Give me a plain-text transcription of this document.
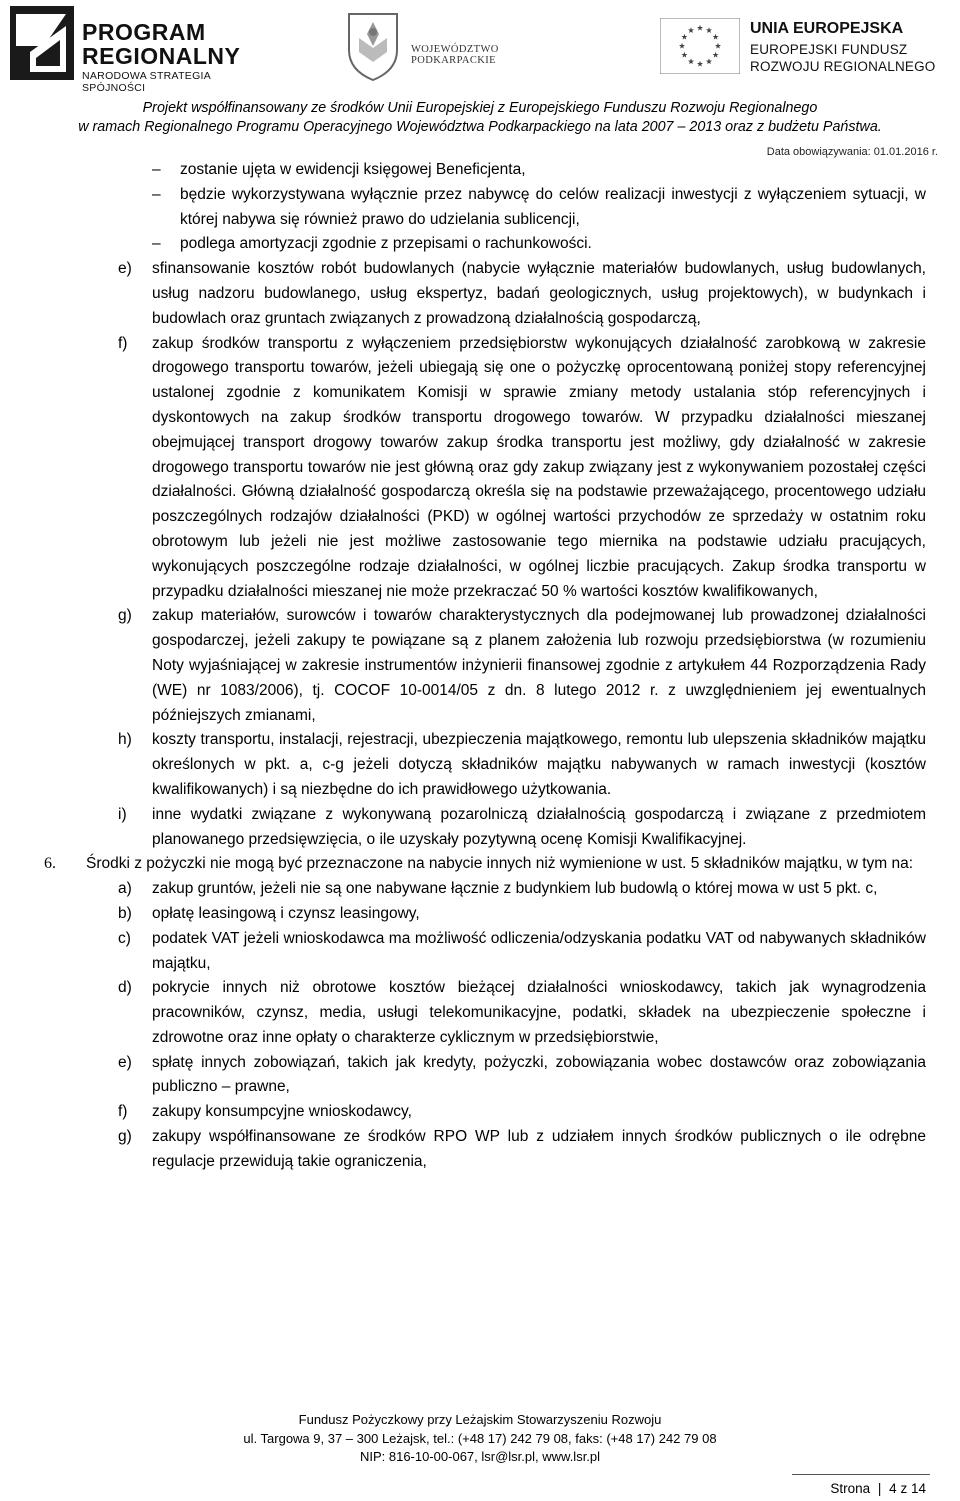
PROGRAM
REGIONALNY
NARODOWA STRATEGIA SPÓJNOŚCI
WOJEWÓDZTWO PODKARPACKIE
UNIA EUROPEJSKA
EUROPEJSKI FUNDUSZ
ROZWOJU REGIONALNEGO
Projekt współfinansowany ze środków Unii Europejskiej z Europejskiego Funduszu Rozwoju Regionalnego
w ramach Regionalnego Programu Operacyjnego Województwa Podkarpackiego na lata 2007 – 2013 oraz z budżetu Państwa.
Data obowiązywania: 01.01.2016 r.
– zostanie ujęta w ewidencji księgowej Beneficjenta,
– będzie wykorzystywana wyłącznie przez nabywcę do celów realizacji inwestycji z wyłączeniem sytuacji, w której nabywa się również prawo do udzielania sublicencji,
– podlega amortyzacji zgodnie z przepisami o rachunkowości.
e) sfinansowanie kosztów robót budowlanych (nabycie wyłącznie materiałów budowlanych, usług budowlanych, usług nadzoru budowlanego, usług ekspertyz, badań geologicznych, usług projektowych), w budynkach i budowlach oraz gruntach związanych z prowadzoną działalnością gospodarczą,
f) zakup środków transportu z wyłączeniem przedsiębiorstw wykonujących działalność zarobkową w zakresie drogowego transportu towarów, jeżeli ubiegają się one o pożyczkę oprocentowaną poniżej stopy referencyjnej ustalonej zgodnie z komunikatem Komisji w sprawie zmiany metody ustalania stóp referencyjnych i dyskontowych na zakup środków transportu drogowego towarów. W przypadku działalności mieszanej obejmującej transport drogowy towarów zakup środka transportu jest możliwy, gdy działalność w zakresie drogowego transportu towarów nie jest główną oraz gdy zakup związany jest z wykonywaniem pozostałej części działalności. Główną działalność gospodarczą określa się na podstawie przeważającego, procentowego udziału poszczególnych rodzajów działalności (PKD) w ogólnej wartości przychodów ze sprzedaży w ostatnim roku obrotowym lub jeżeli nie jest możliwe zastosowanie tego miernika na podstawie udziału pracujących, wykonujących poszczególne rodzaje działalności, w ogólnej liczbie pracujących. Zakup środka transportu w przypadku działalności mieszanej nie może przekraczać 50 % wartości kosztów kwalifikowanych,
g) zakup materiałów, surowców i towarów charakterystycznych dla podejmowanej lub prowadzonej działalności gospodarczej, jeżeli zakupy te powiązane są z planem założenia lub rozwoju przedsiębiorstwa (w rozumieniu Noty wyjaśniającej w zakresie instrumentów inżynierii finansowej zgodnie z artykułem 44 Rozporządzenia Rady (WE) nr 1083/2006), tj. COCOF 10-0014/05 z dn. 8 lutego 2012 r. z uwzględnieniem jej ewentualnych późniejszych zmianami,
h) koszty transportu, instalacji, rejestracji, ubezpieczenia majątkowego, remontu lub ulepszenia składników majątku określonych w pkt. a, c-g jeżeli dotyczą składników majątku nabywanych w ramach inwestycji (kosztów kwalifikowanych) i są niezbędne do ich prawidłowego użytkowania.
i) inne wydatki związane z wykonywaną pozarolniczą działalnością gospodarczą i związane z przedmiotem planowanego przedsięwzięcia, o ile uzyskały pozytywną ocenę Komisji Kwalifikacyjnej.
6. Środki z pożyczki nie mogą być przeznaczone na nabycie innych niż wymienione w ust. 5 składników majątku, w tym na:
a) zakup gruntów, jeżeli nie są one nabywane łącznie z budynkiem lub budowlą o której mowa w ust 5 pkt. c,
b) opłatę leasingową i czynsz leasingowy,
c) podatek VAT jeżeli wnioskodawca ma możliwość odliczenia/odzyskania podatku VAT od nabywanych składników majątku,
d) pokrycie innych niż obrotowe kosztów bieżącej działalności wnioskodawcy, takich jak wynagrodzenia pracowników, czynsz, media, usługi telekomunikacyjne, podatki, składek na ubezpieczenie społeczne i zdrowotne oraz inne opłaty o charakterze cyklicznym w przedsiębiorstwie,
e) spłatę innych zobowiązań, takich jak kredyty, pożyczki, zobowiązania wobec dostawców oraz zobowiązania publiczno – prawne,
f) zakupy konsumpcyjne wnioskodawcy,
g) zakupy współfinansowane ze środków RPO WP lub z udziałem innych środków publicznych o ile odrębne regulacje przewidują takie ograniczenia,
Fundusz Pożyczkowy przy Leżajskim Stowarzyszeniu Rozwoju
ul. Targowa 9, 37 – 300 Leżajsk, tel.: (+48 17) 242 79 08, faks: (+48 17) 242 79 08
NIP: 816-10-00-067, lsr@lsr.pl, www.lsr.pl
Strona | 4 z 14
